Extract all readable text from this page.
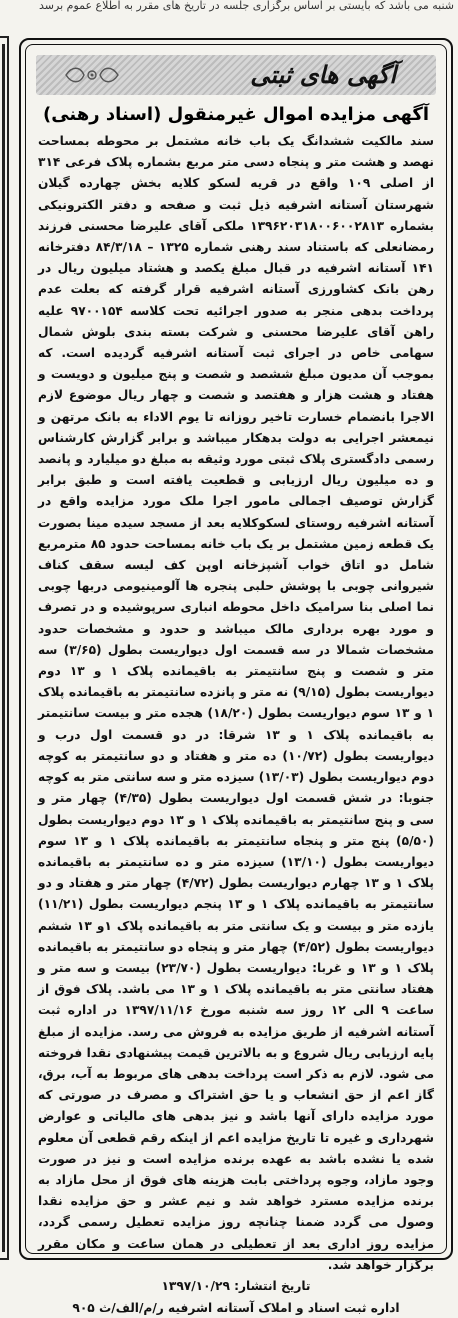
شنبه می باشد که بایستی بر اساس برگزاری جلسه در تاریخ های مقرر به اطلاع عموم برسد
آگهی های ثبتی
آگهی مزایده اموال غیرمنقول (اسناد رهنی)
سند مالکیت ششدانگ یک باب خانه مشتمل بر محوطه بمساحت نهصد و هشت متر و پنجاه دسی متر مربع بشماره پلاک فرعی ۳۱۴ از اصلی ۱۰۹ واقع در قریه لسکو کلایه بخش چهارده گیلان شهرستان آستانه اشرفیه ذیل ثبت و صفحه و دفتر الکترونیکی بشماره ۱۳۹۶۲۰۳۱۸۰۰۶۰۰۲۸۱۳ ملکی آقای علیرضا محسنی فرزند رمضانعلی که باستناد سند رهنی شماره ۱۳۲۵ – ۸۴/۳/۱۸ دفترخانه ۱۴۱ آستانه اشرفیه در قبال مبلغ یکصد و هشتاد میلیون ریال در رهن بانک کشاورزی آستانه اشرفیه قرار گرفته که بعلت عدم پرداخت بدهی منجر به صدور اجرائیه تحت کلاسه ۹۷۰۰۱۵۴ علیه راهن آقای علیرضا محسنی و شرکت بسته بندی بلوش شمال سهامی خاص در اجرای ثبت آستانه اشرفیه گردیده است. که بموجب آن مدیون مبلغ ششصد و شصت و پنج میلیون و دویست و هفتاد و هشت هزار و هفتصد و شصت و چهار ریال موضوع لازم الاجرا بانضمام خسارت تاخیر روزانه تا یوم الاداء به بانک مرتهن و نیمعشر اجرایی به دولت بدهکار میباشد و برابر گزارش کارشناس رسمی دادگستری پلاک ثبتی مورد وثیقه به مبلغ دو میلیارد و پانصد و ده میلیون ریال ارزیابی و قطعیت یافته است و طبق برابر گزارش توصیف اجمالی مامور اجرا ملک مورد مزایده واقع در آستانه اشرفیه روستای لسکوکلایه بعد از مسجد سیده مینا بصورت یک قطعه زمین مشتمل بر یک باب خانه بمساحت حدود ۸۵ مترمربع شامل دو اتاق خواب آشپزخانه اوپن کف لیسه سقف کناف شیروانی چوبی با پوشش حلبی پنجره ها آلومینیومی دربها چوبی نما اصلی بنا سرامیک داخل محوطه انباری سرپوشیده و در تصرف و مورد بهره برداری مالک میباشد و حدود و مشخصات حدود مشخصات شمالا در سه قسمت اول دیواریست بطول (۳/۶۵) سه متر و شصت و پنج سانتیمتر به باقیمانده پلاک ۱ و ۱۳ دوم دیواریست بطول (۹/۱۵) نه متر و پانزده سانتیمتر به باقیمانده پلاک ۱ و ۱۳ سوم دیواریست بطول (۱۸/۲۰) هجده متر و بیست سانتیمتر به باقیمانده پلاک ۱ و ۱۳ شرقا: در دو قسمت اول درب و دیواریست بطول (۱۰/۷۲) ده متر و هفتاد و دو سانتیمتر به کوچه دوم دیواریست بطول (۱۳/۰۳) سیزده متر و سه سانتی متر به کوچه جنوبا: در شش قسمت اول دیواریست بطول (۴/۳۵) چهار متر و سی و پنج سانتیمتر به باقیمانده پلاک ۱ و ۱۳ دوم دیواریست بطول (۵/۵۰) پنج متر و پنجاه سانتیمتر به باقیمانده پلاک ۱ و ۱۳ سوم دیواریست بطول (۱۳/۱۰) سیزده متر و ده سانتیمتر به باقیمانده پلاک ۱ و ۱۳ چهارم دیواریست بطول (۴/۷۲) چهار متر و هفتاد و دو سانتیمتر به باقیمانده پلاک ۱ و ۱۳ پنجم دیواریست بطول (۱۱/۲۱) یازده متر و بیست و یک سانتی متر به باقیمانده پلاک ۱و ۱۳ ششم دیواریست بطول (۴/۵۲) چهار متر و پنجاه دو سانتیمتر به باقیمانده پلاک ۱ و ۱۳ و غربا: دیواریست بطول (۲۳/۷۰) بیست و سه متر و هفتاد سانتی متر به باقیمانده پلاک ۱ و ۱۳ می باشد. پلاک فوق از ساعت ۹ الی ۱۲ روز سه شنبه مورخ ۱۳۹۷/۱۱/۱۶ در اداره ثبت آستانه اشرفیه از طریق مزایده به فروش می رسد. مزایده از مبلغ پایه ارزیابی ریال شروع و به بالاترین قیمت پیشنهادی نقدا فروخته می شود. لازم به ذکر است پرداخت بدهی های مربوط به آب، برق، گاز اعم از حق انشعاب و یا حق اشتراک و مصرف در صورتی که مورد مزایده دارای آنها باشد و نیز بدهی های مالیاتی و عوارض شهرداری و غیره تا تاریخ مزایده اعم از اینکه رقم قطعی آن معلوم شده یا نشده باشد به عهده برنده مزایده است و نیز در صورت وجود مازاد، وجوه پرداختی بابت هزینه های فوق از محل مازاد به برنده مزایده مسترد خواهد شد و نیم عشر و حق مزایده نقدا وصول می گردد ضمنا چنانچه روز مزایده تعطیل رسمی گردد، مزایده روز اداری بعد از تعطیلی در همان ساعت و مکان مقرر برگزار خواهد شد.
تاریخ انتشار: ۱۳۹۷/۱۰/۲۹
اداره ثبت اسناد و املاک آستانه اشرفیه ر/م/الف/ث ۹۰۵
